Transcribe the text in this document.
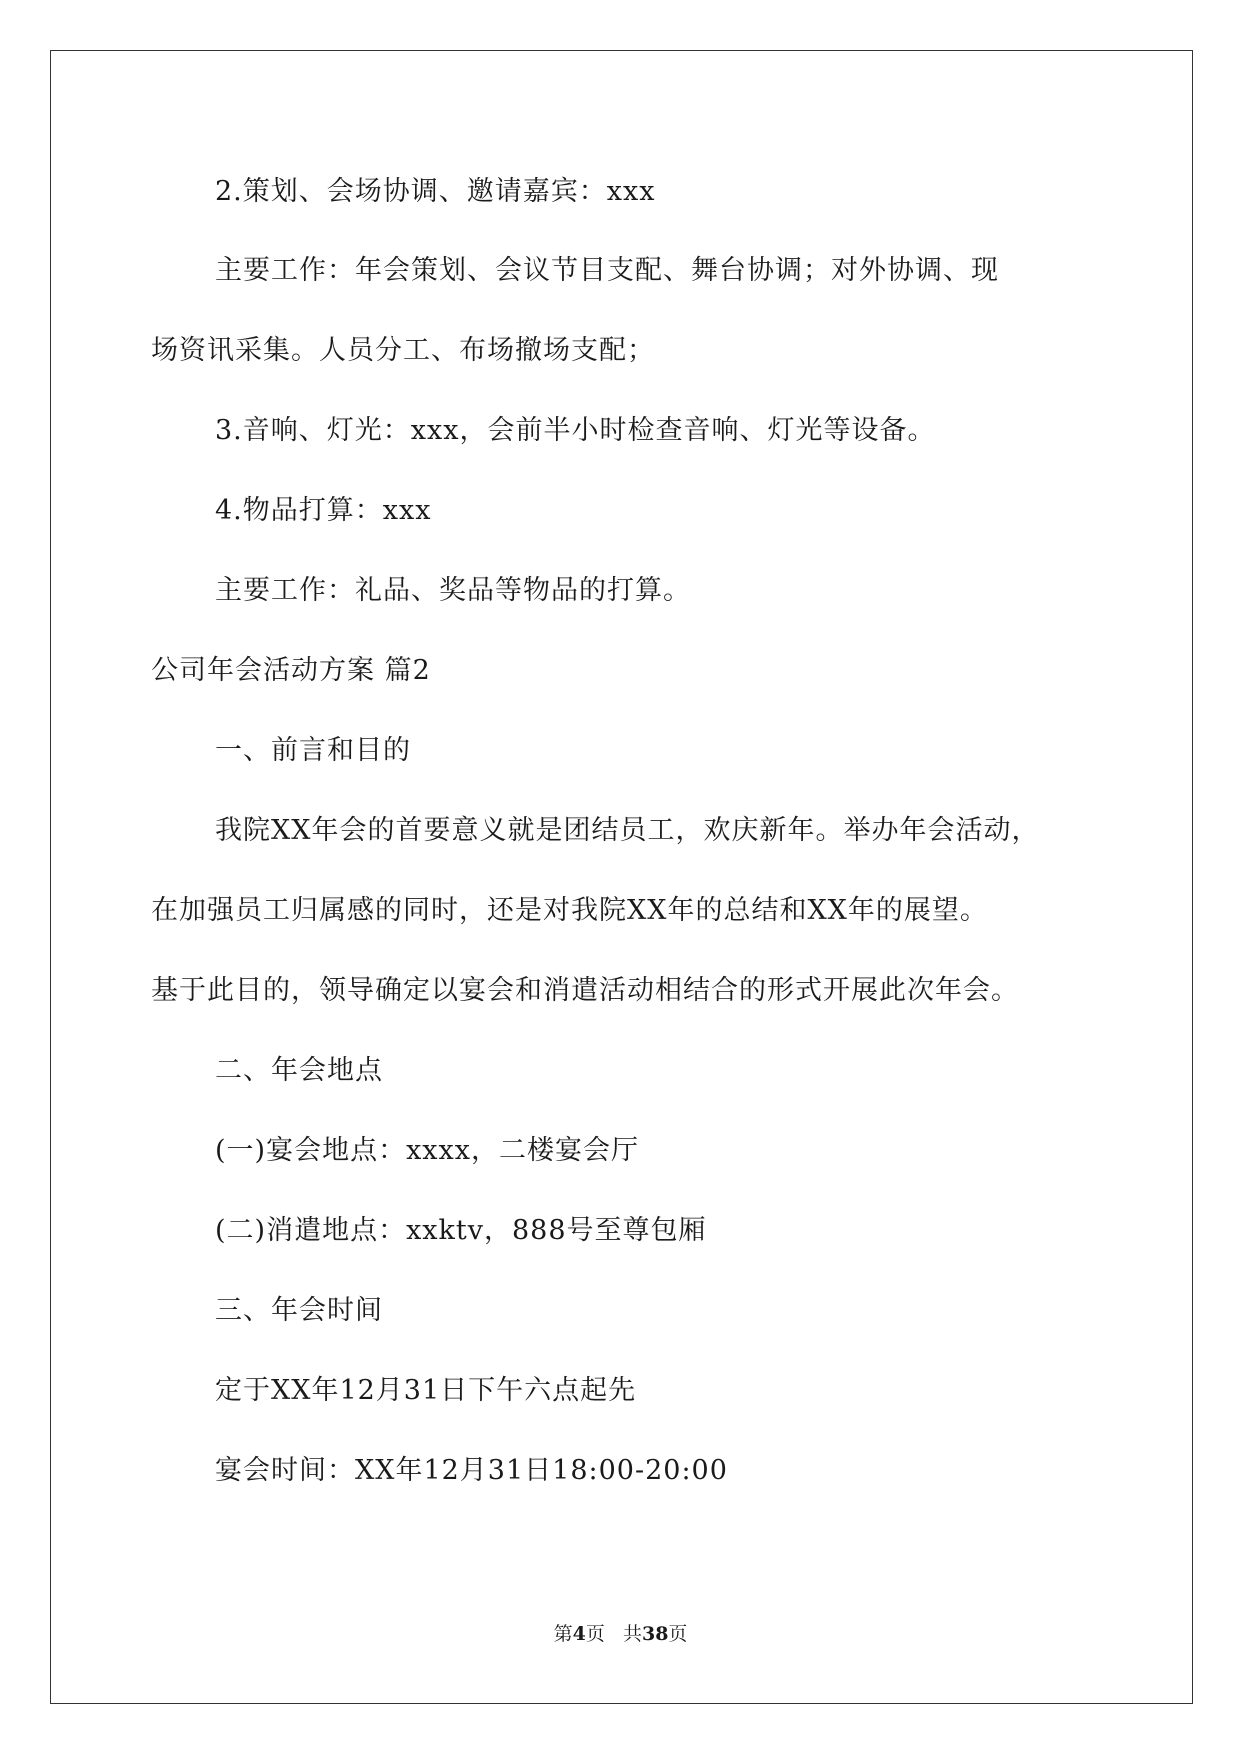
2.策划、会场协调、邀请嘉宾：xxx
主要工作：年会策划、会议节目支配、舞台协调；对外协调、现
场资讯采集。人员分工、布场撤场支配；
3.音响、灯光：xxx，会前半小时检查音响、灯光等设备。
4.物品打算：xxx
主要工作：礼品、奖品等物品的打算。
公司年会活动方案 篇2
一、前言和目的
我院XX年会的首要意义就是团结员工，欢庆新年。举办年会活动，
在加强员工归属感的同时，还是对我院XX年的总结和XX年的展望。
基于此目的，领导确定以宴会和消遣活动相结合的形式开展此次年会。
二、年会地点
(一)宴会地点：xxxx，二楼宴会厅
(二)消遣地点：xxktv，888号至尊包厢
三、年会时间
定于XX年12月31日下午六点起先
宴会时间：XX年12月31日18:00-20:00
第4页 共38页
